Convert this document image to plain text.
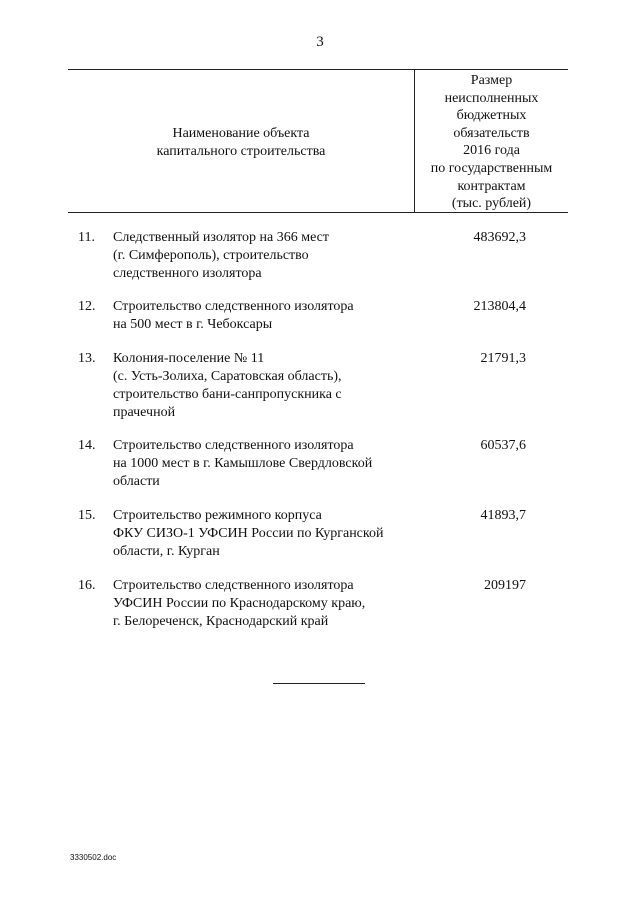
3
Наименование объекта
капитального строительства
Размер
неисполненных
бюджетных
обязательств
2016 года
по государственным
контрактам
(тыс. рублей)
11.	Следственный изолятор на 366 мест
(г. Симферополь), строительство
следственного изолятора
483692,3
12.	Строительство следственного изолятора
на 500 мест в г. Чебоксары
213804,4
13.	Колония-поселение № 11
(с. Усть-Золиха, Саратовская область),
строительство бани-санпропускника с
прачечной
21791,3
14.	Строительство следственного изолятора
на 1000 мест в г. Камышлове Свердловской
области
60537,6
15.	Строительство режимного корпуса
ФКУ СИЗО-1 УФСИН России по Курганской
области, г. Курган
41893,7
16.	Строительство следственного изолятора
УФСИН России по Краснодарскому краю,
г. Белореченск, Краснодарский край
209197
3330502.doc
